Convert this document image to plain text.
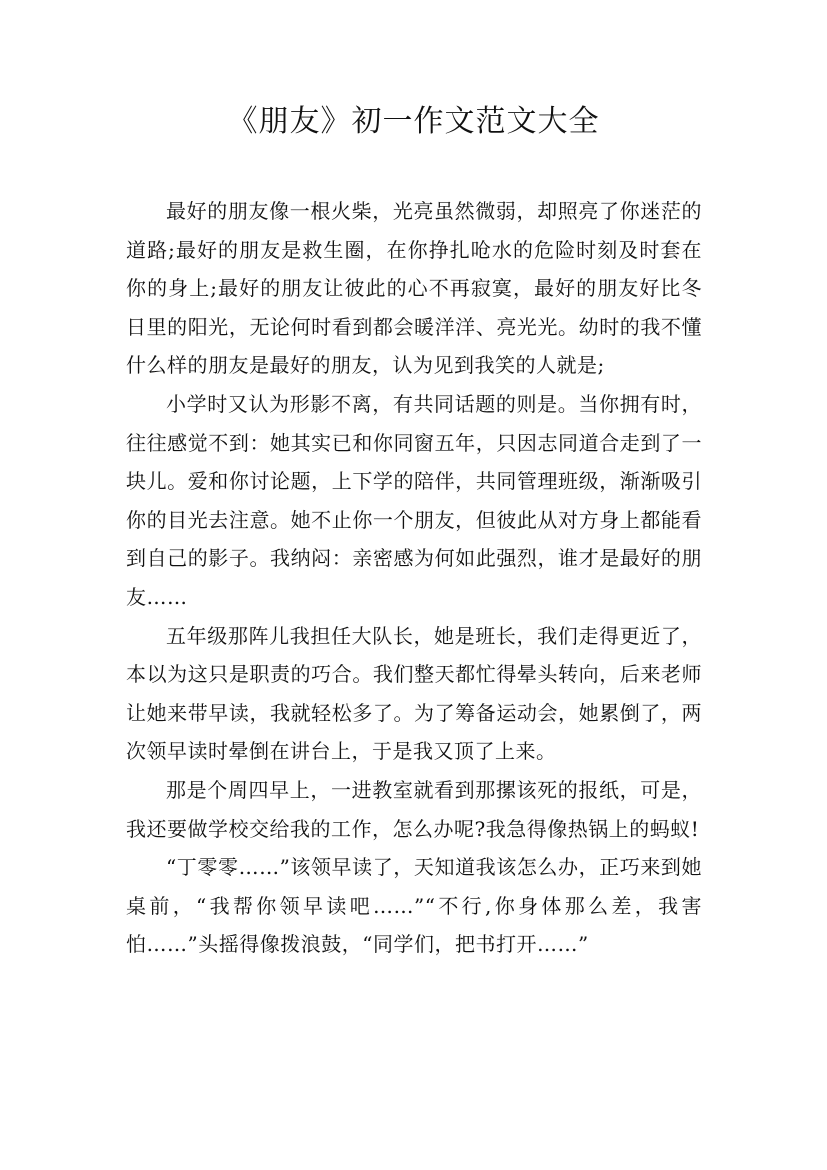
《朋友》初一作文范文大全

最好的朋友像一根火柴，光亮虽然微弱，却照亮了你迷茫的道路;最好的朋友是救生圈，在你挣扎呛水的危险时刻及时套在你的身上;最好的朋友让彼此的心不再寂寞，最好的朋友好比冬日里的阳光，无论何时看到都会暖洋洋、亮光光。幼时的我不懂什么样的朋友是最好的朋友，认为见到我笑的人就是;

小学时又认为形影不离，有共同话题的则是。当你拥有时，往往感觉不到：她其实已和你同窗五年，只因志同道合走到了一块儿。爱和你讨论题，上下学的陪伴，共同管理班级，渐渐吸引你的目光去注意。她不止你一个朋友，但彼此从对方身上都能看到自己的影子。我纳闷：亲密感为何如此强烈，谁才是最好的朋友……

五年级那阵儿我担任大队长，她是班长，我们走得更近了，本以为这只是职责的巧合。我们整天都忙得晕头转向，后来老师让她来带早读，我就轻松多了。为了筹备运动会，她累倒了，两次领早读时晕倒在讲台上，于是我又顶了上来。

那是个周四早上，一进教室就看到那摞该死的报纸，可是，我还要做学校交给我的工作，怎么办呢?我急得像热锅上的蚂蚁!

“丁零零……”该领早读了，天知道我该怎么办，正巧来到她桌前，“我帮你领早读吧……”“不行,你身体那么差，我害怕……”头摇得像拨浪鼓，“同学们，把书打开……”
